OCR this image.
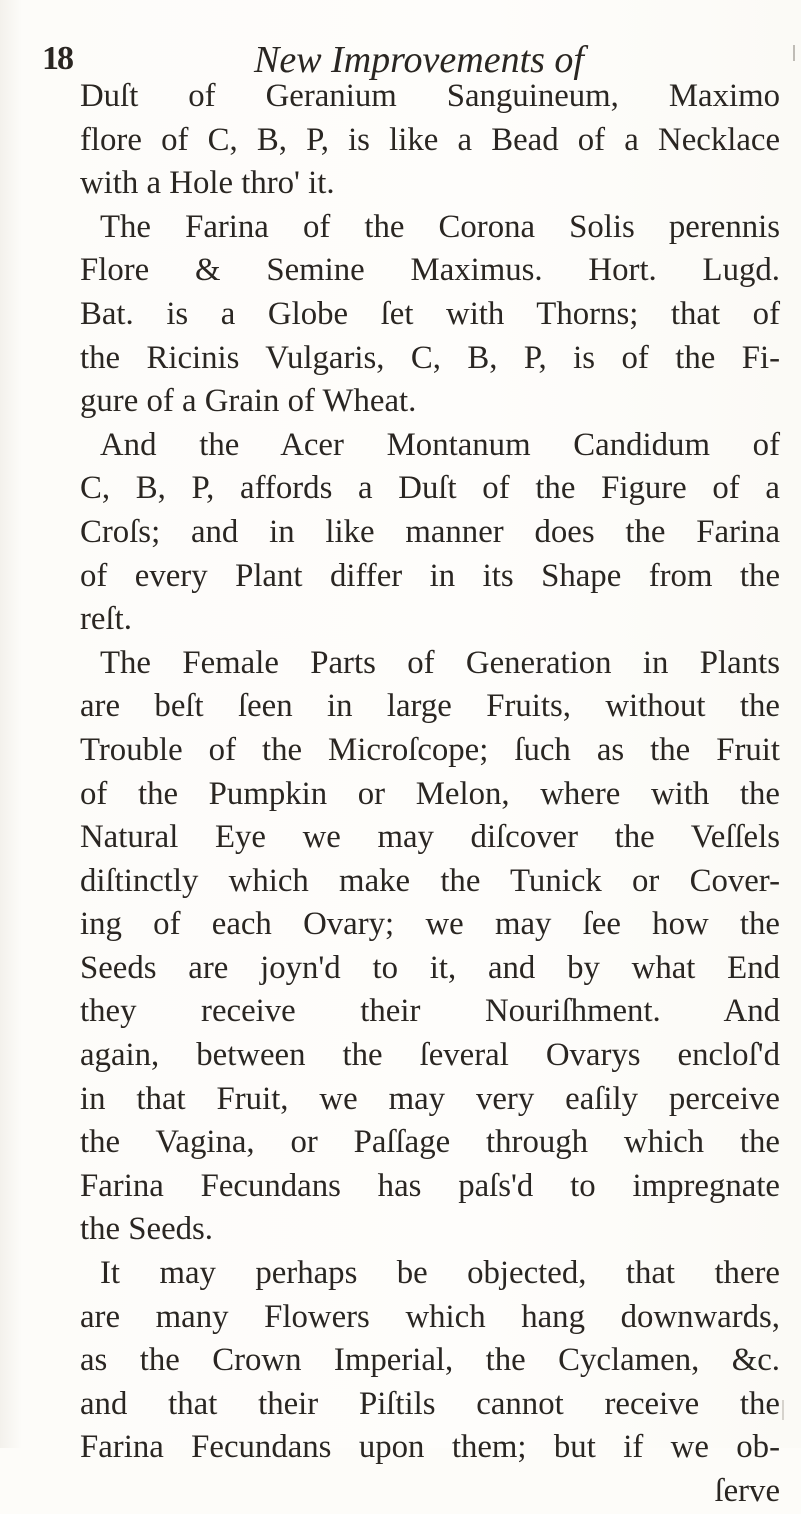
18	New Improvements of
Duſt of Geranium Sanguineum, Maximo
flore of C, B, P, is like a Bead of a Necklace
with a Hole thro' it.
The Farina of the Corona Solis perennis
Flore & Semine Maximus. Hort. Lugd.
Bat. is a Globe ſet with Thorns; that of
the Ricinis Vulgaris, C, B, P, is of the Fi-
gure of a Grain of Wheat.
And the Acer Montanum Candidum of
C, B, P, affords a Duſt of the Figure of a
Croſs; and in like manner does the Farina
of every Plant differ in its Shape from the
reſt.
The Female Parts of Generation in Plants
are beſt ſeen in large Fruits, without the
Trouble of the Microſcope; ſuch as the Fruit
of the Pumpkin or Melon, where with the
Natural Eye we may diſcover the Veſſels
diſtinctly which make the Tunick or Cover-
ing of each Ovary; we may ſee how the
Seeds are joyn'd to it, and by what End
they receive their Nouriſhment. And
again, between the ſeveral Ovarys encloſ'd
in that Fruit, we may very eaſily perceive
the Vagina, or Paſſage through which the
Farina Fecundans has paſs'd to impregnate
the Seeds.
It may perhaps be objected, that there
are many Flowers which hang downwards,
as the Crown Imperial, the Cyclamen, &c.
and that their Piſtils cannot receive the
Farina Fecundans upon them; but if we ob-
ſerve
